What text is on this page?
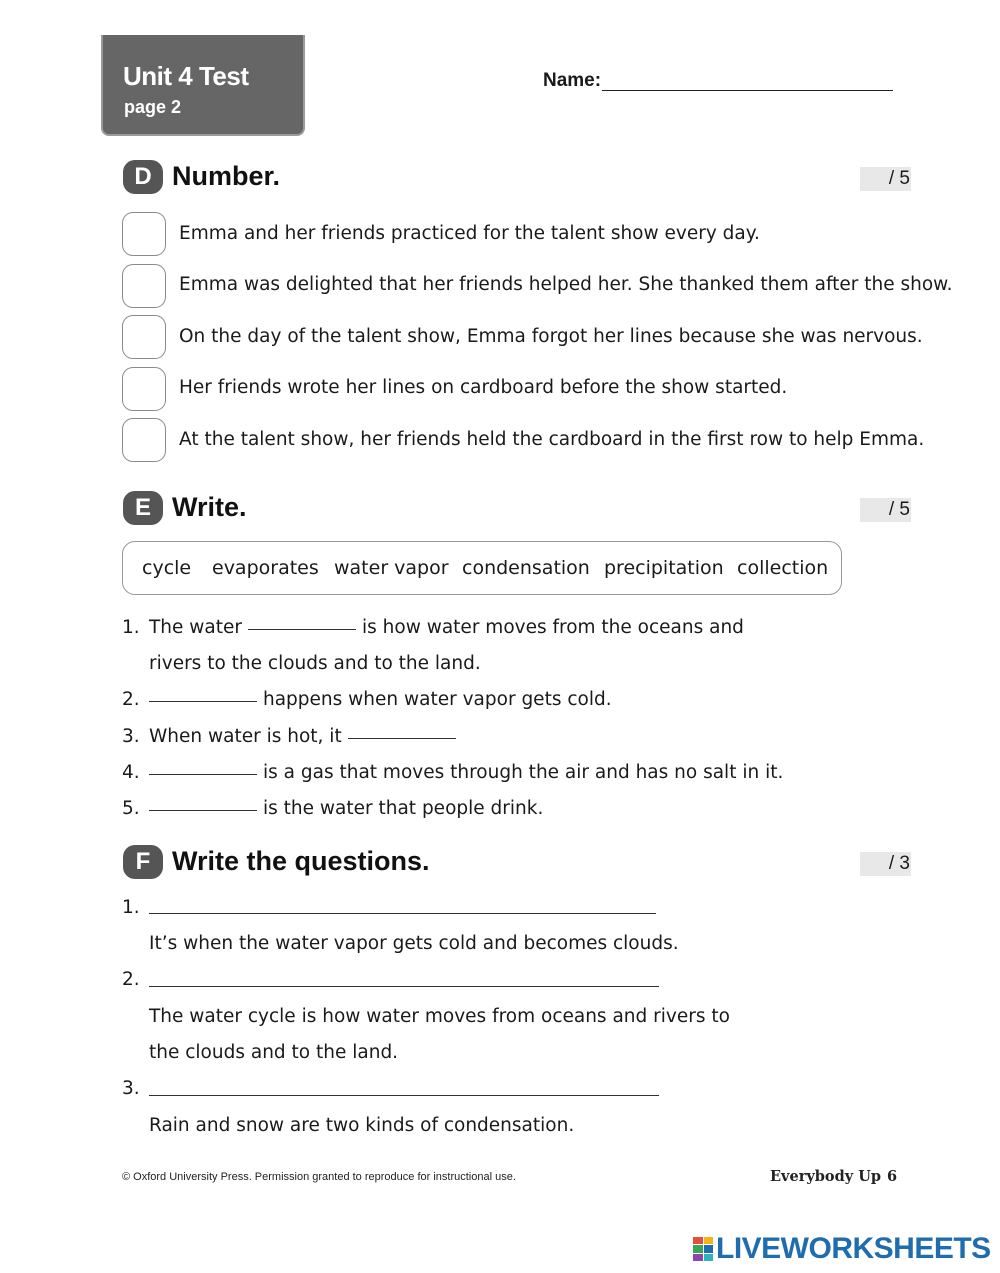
Unit 4 Test
page 2
Name:
D Number.	/ 5
Emma and her friends practiced for the talent show every day.
Emma was delighted that her friends helped her. She thanked them after the show.
On the day of the talent show, Emma forgot her lines because she was nervous.
Her friends wrote her lines on cardboard before the show started.
At the talent show, her friends held the cardboard in the first row to help Emma.
E Write.	/ 5
cycle evaporates water vapor condensation precipitation collection
1. The water	is how water moves from the oceans and
rivers to the clouds and to the land.
2.	happens when water vapor gets cold.
3. When water is hot, it
4.	is a gas that moves through the air and has no salt in it.
5.	is the water that people drink.
F Write the questions.	/ 3
1.
It’s when the water vapor gets cold and becomes clouds.
2.
The water cycle is how water moves from oceans and rivers to
the clouds and to the land.
3.
Rain and snow are two kinds of condensation.
© Oxford University Press. Permission granted to reproduce for instructional use.	Everybody Up 6
LIVEWORKSHEETS
